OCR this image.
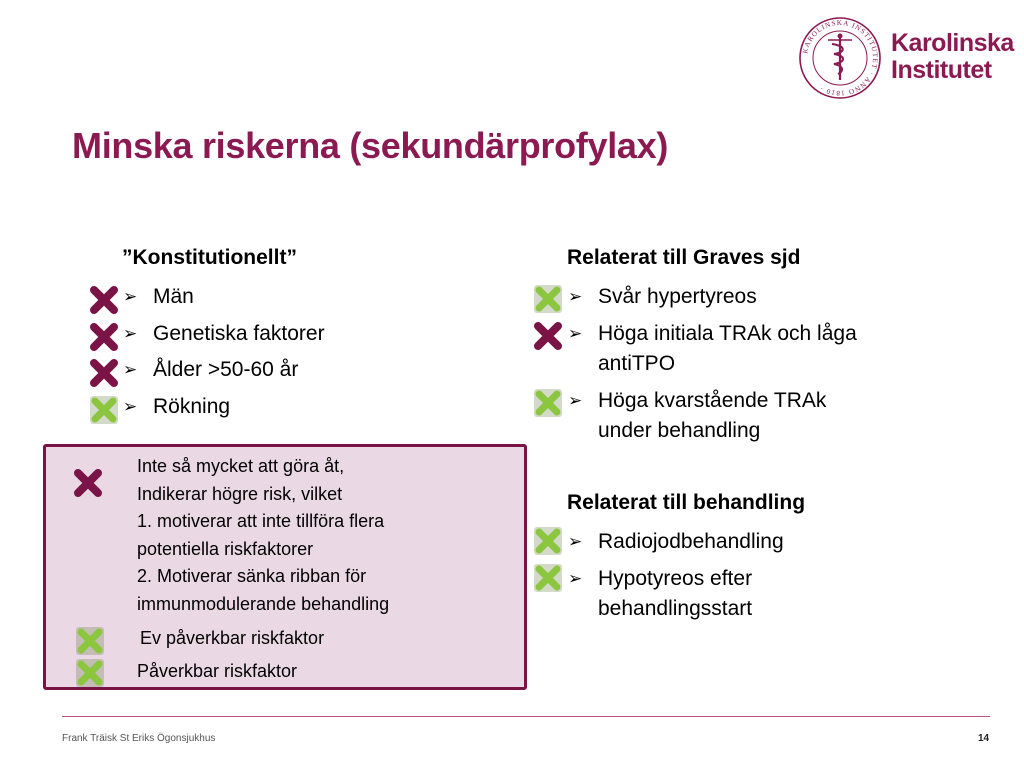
KAROLINSKA INSTITUTET · ANNO 1810 ·
Karolinska
Institutet
Minska riskerna (sekundärprofylax)
”Konstitutionellt”
➢ Män
➢ Genetiska faktorer
➢ Ålder >50-60 år
➢ Rökning
Relaterat till Graves sjd
➢ Svår hypertyreos
➢ Höga initiala TRAk och låga
antiTPO
➢ Höga kvarstående TRAk
under behandling
Relaterat till behandling
➢ Radiojodbehandling
➢ Hypotyreos efter
behandlingsstart
Inte så mycket att göra åt,
Indikerar högre risk, vilket
1. motiverar att inte tillföra flera
potentiella riskfaktorer
2. Motiverar sänka ribban för
immunmodulerande behandling
Ev påverkbar riskfaktor
Påverkbar riskfaktor
Frank Träisk St Eriks Ögonsjukhus	14
